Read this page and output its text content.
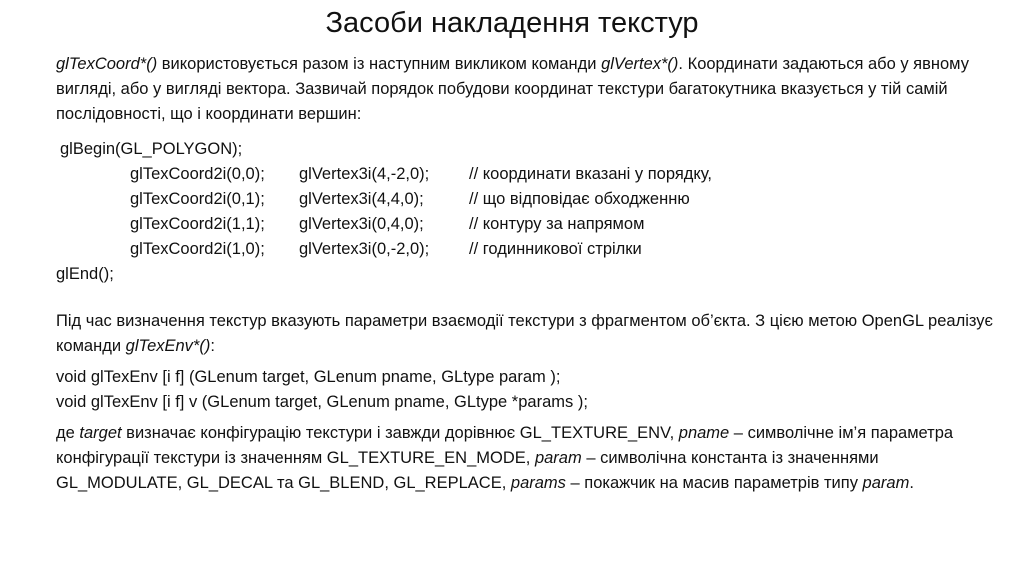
Засоби накладення текстур

glTexCoord*() використовується разом із наступним викликом команди glVertex*(). Координати задаються або у явному вигляді, або у вигляді вектора. Зазвичай порядок побудови координат текстури багатокутника вказується у тій самій послідовності, що і координати вершин:

glBegin(GL_POLYGON);

glTexCoord2i(0,0); glVertex3i(4,-2,0); // координати вказані у порядку,

glTexCoord2i(0,1); glVertex3i(4,4,0);	// що відповідає обходженню

glTexCoord2i(1,1); glVertex3i(0,4,0);	// контуру за напрямом

glTexCoord2i(1,0); glVertex3i(0,-2,0); // годинникової стрілки

glEnd();

Під час визначення текстур вказують параметри взаємодії текстури з фрагментом об’єкта. З цією метою OpenGL реалізує команди glTexEnv*():

void glTexEnv [i f] (GLenum target, GLenum pname, GLtype param );

void glTexEnv [i f] v (GLenum target, GLenum pname, GLtype *params );

де target визначає конфігурацію текстури і завжди дорівнює GL_TEXTURE_ENV, pname – символічне ім’я параметра конфігурації текстури із значенням GL_TEXTURE_EN_MODE, param – символічна константа із значеннями GL_MODULATE, GL_DECAL та GL_BLEND, GL_REPLACE, params – покажчик на масив параметрів типу param.
